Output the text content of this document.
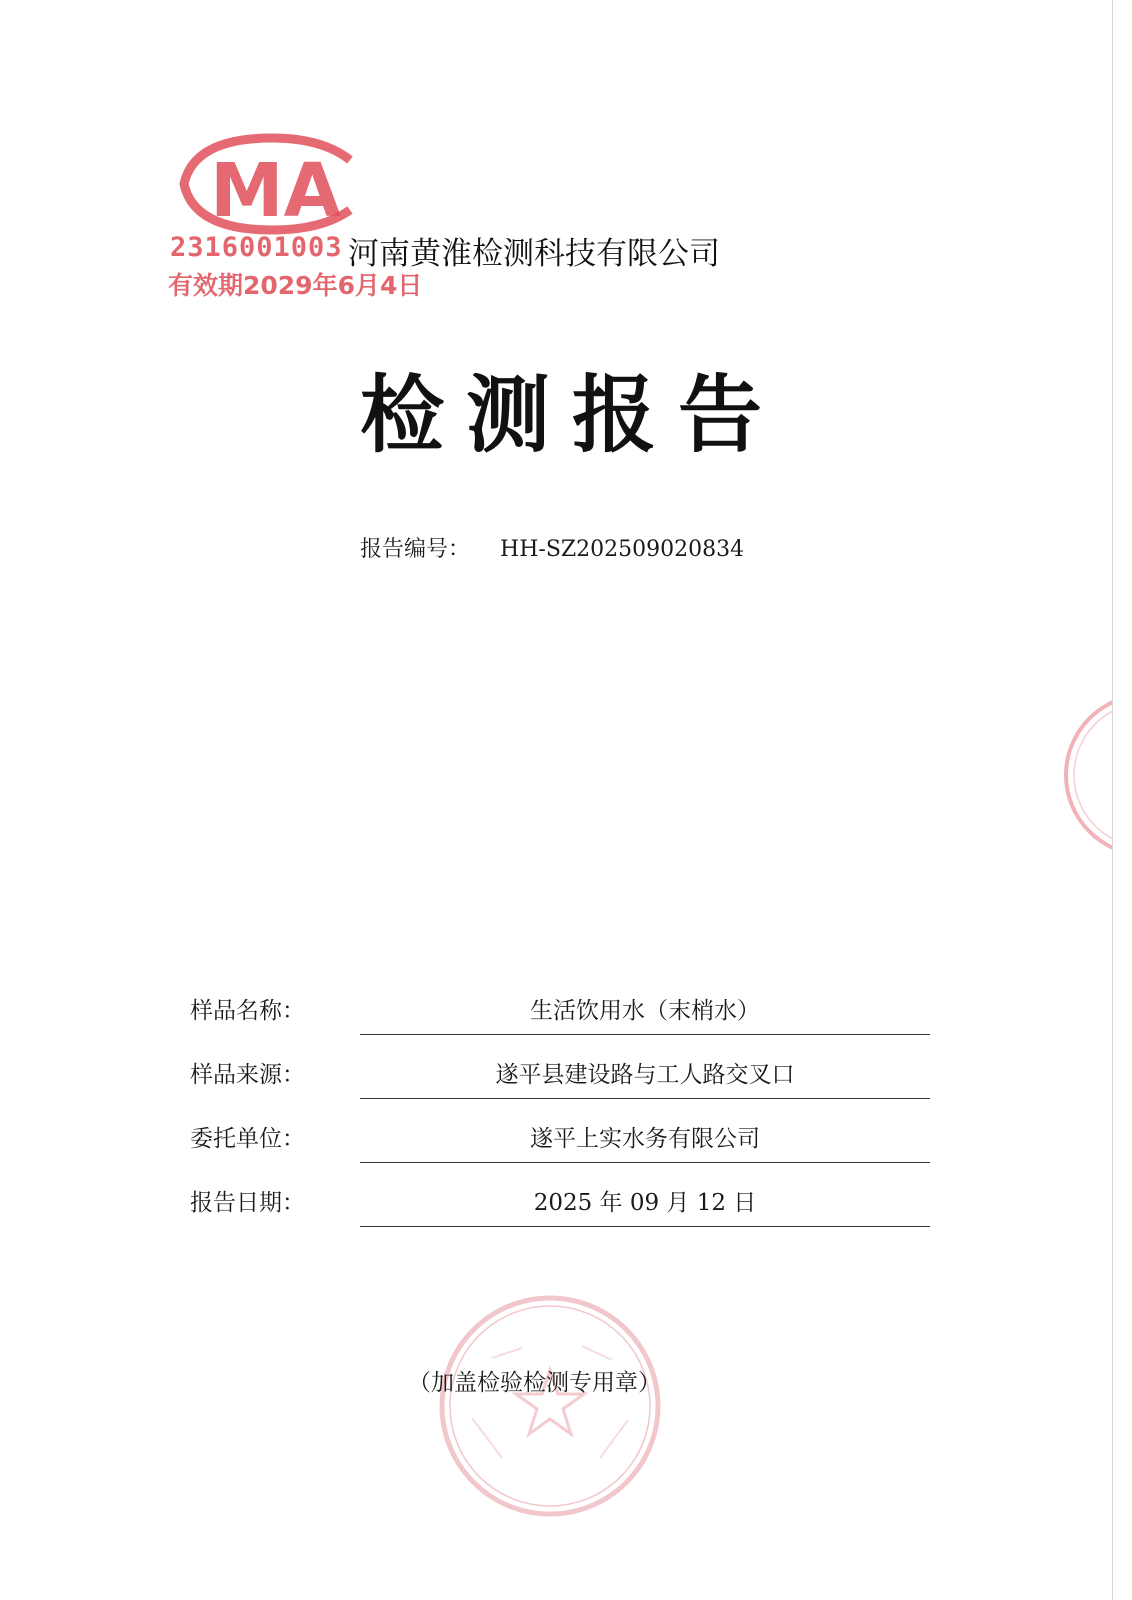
MA
2316001003
有效期2029年6月4日
河南黄淮检测科技有限公司
检测报告
报告编号： HH-SZ202509020834
样品名称：	生活饮用水（末梢水）
样品来源：	遂平县建设路与工人路交叉口
委托单位：	遂平上实水务有限公司
报告日期：	2025 年 09 月 12 日
（加盖检验检测专用章）
